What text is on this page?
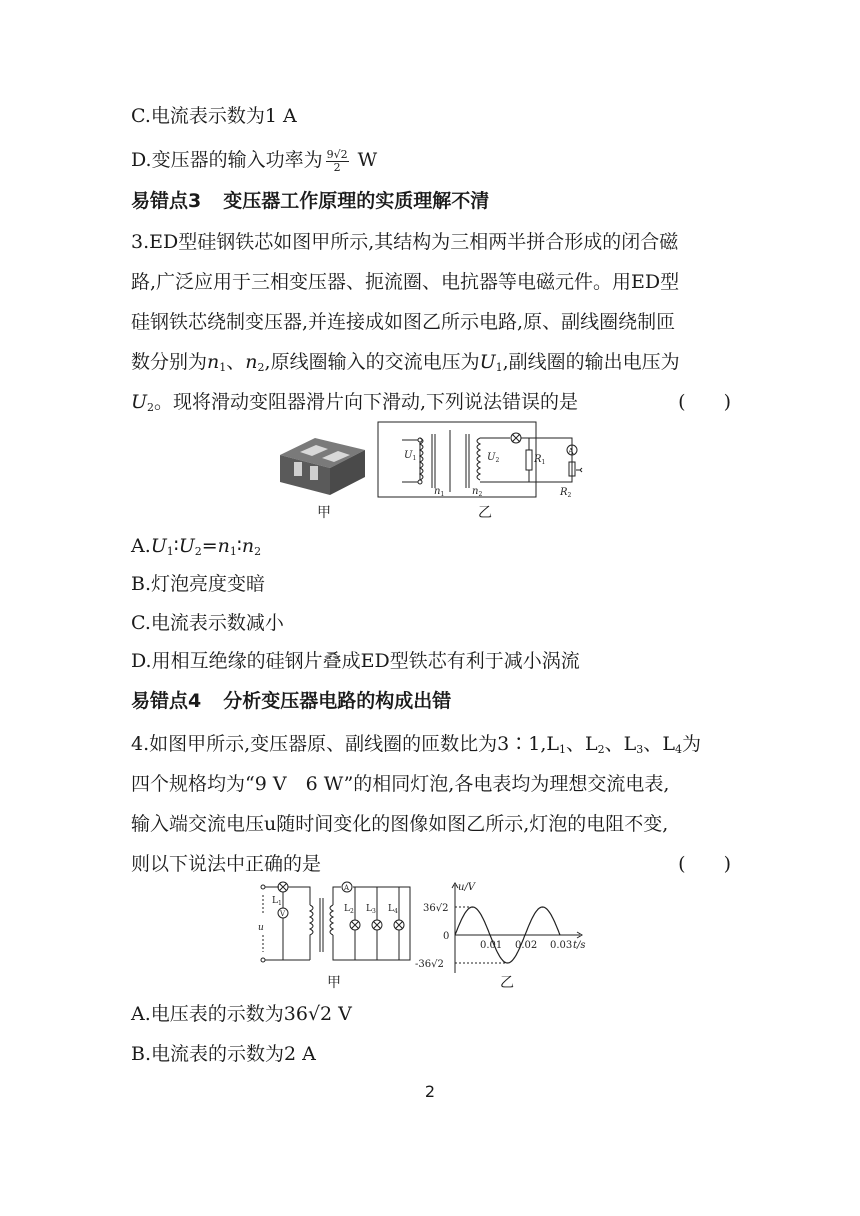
C.电流表示数为1 A
D.变压器的输入功率为 $\frac{9√2}{2}$ W
易错点3 变压器工作原理的实质理解不清
3.ED型硅钢铁芯如图甲所示,其结构为三相两半拼合形成的闭合磁
路,广泛应用于三相变压器、扼流圈、电抗器等电磁元件。用ED型
硅钢铁芯绕制变压器,并连接成如图乙所示电路,原、副线圈绕制匝
数分别为$n_1$、$n_2$,原线圈输入的交流电压为$U_1$,副线圈的输出电压为
$U_2$。现将滑动变阻器滑片向下滑动,下列说法错误的是	(　　)
$U_1$	$U_2$	$R_1$
$R_2$
$n_1$	$n_2$
A
甲	乙
$A.U_1∶U_2=n_1∶n_2$
B.灯泡亮度变暗
C.电流表示数减小
D.用相互绝缘的硅钢片叠成ED型铁芯有利于减小涡流
易错点4 分析变压器电路的构成出错
4.如图甲所示,变压器原、副线圈的匝数比为$3∶1,L_1$、$L_2$、$L_3$、$L_4$为
四个规格均为“9 V　6 W”的相同灯泡,各电表均为理想交流电表,
输入端交流电压u随时间变化的图像如图乙所示,灯泡的电阻不变,
则以下说法中正确的是	(　　)
u
V
A
$L_1$
$L_2$ $L_3$ $L_4$
0.01 0.02 0.03
36√2
0
-36√2
u/V
t/s
甲	乙
A.电压表的示数为36√2 V
B.电流表的示数为2 A
2
